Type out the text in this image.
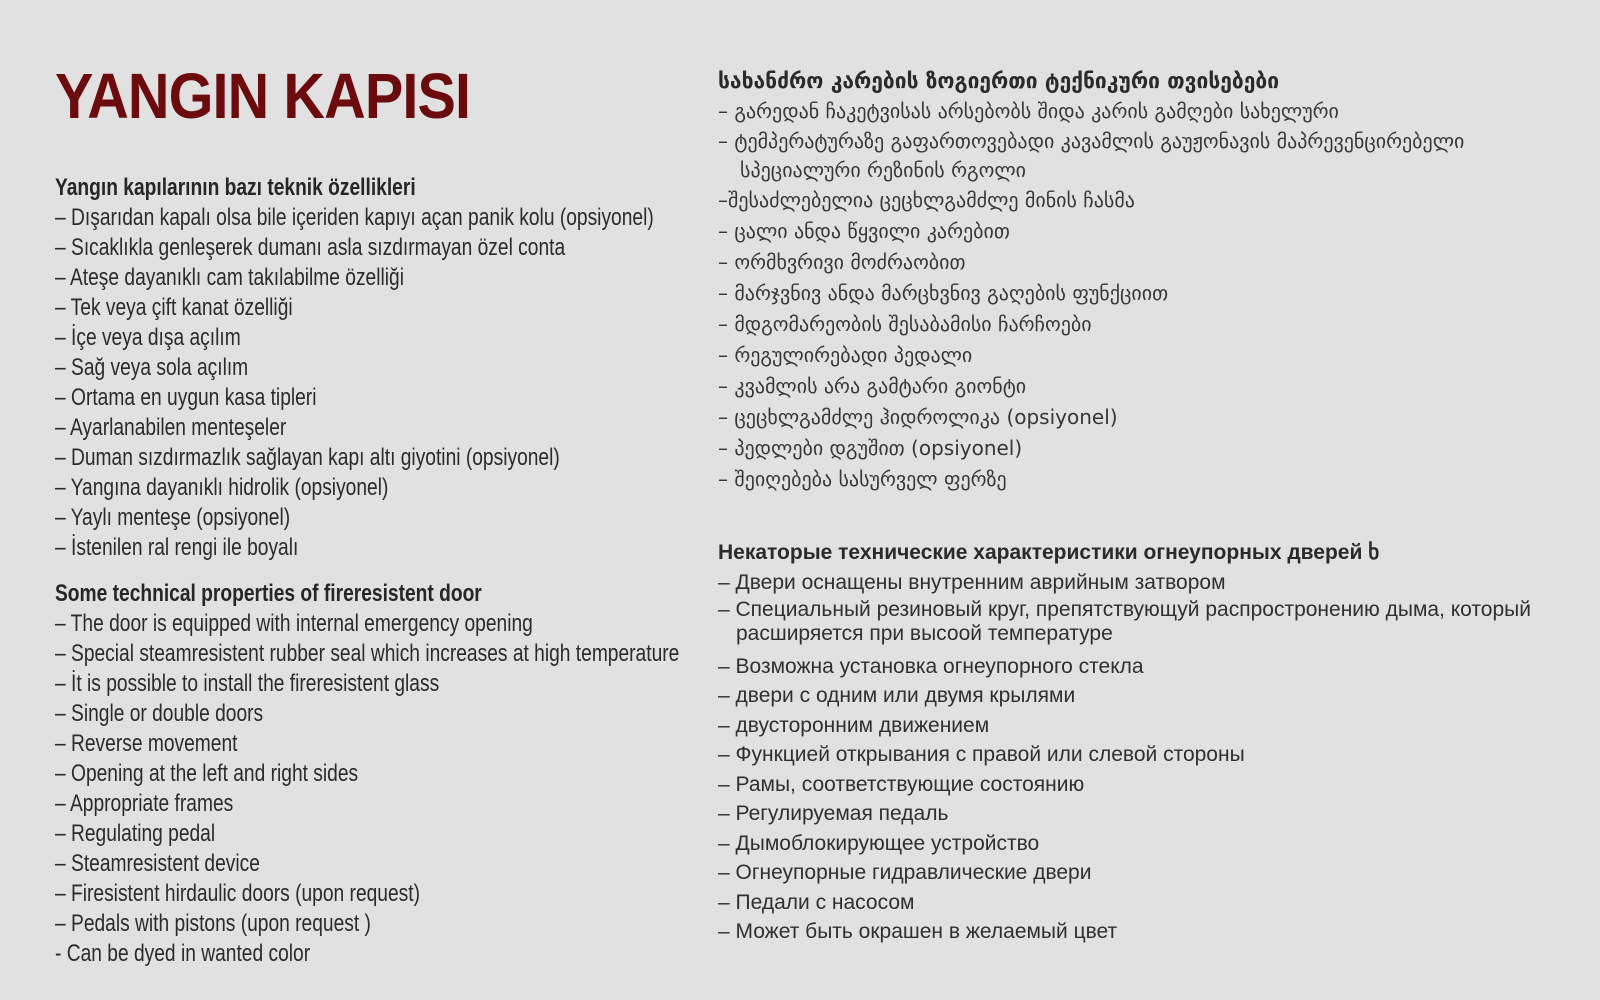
YANGIN KAPISI
Yangın kapılarının bazı teknik özellikleri
– Dışarıdan kapalı olsa bile içeriden kapıyı açan panik kolu (opsiyonel)
– Sıcaklıkla genleşerek dumanı asla sızdırmayan özel conta
– Ateşe dayanıklı cam takılabilme özelliği
– Tek veya çift kanat özelliği
– İçe veya dışa açılım
– Sağ veya sola açılım
– Ortama en uygun kasa tipleri
– Ayarlanabilen menteşeler
– Duman sızdırmazlık sağlayan kapı altı giyotini (opsiyonel)
– Yangına dayanıklı hidrolik (opsiyonel)
– Yaylı menteşe (opsiyonel)
– İstenilen ral rengi ile boyalı
Some technical properties of fireresistent door
– The door is equipped with internal emergency opening
– Special steamresistent rubber seal which increases at high temperature
– İt is possible to install the fireresistent glass
– Single or double doors
– Reverse movement
– Opening at the left and right sides
– Appropriate frames
– Regulating pedal
– Steamresistent device
– Firesistent hirdaulic doors (upon request)
– Pedals with pistons (upon request )
- Can be dyed in wanted color
სახანძრო კარების ზოგიერთი ტექნიკური თვისებები
– გარედან ჩაკეტვისას არსებობს შიდა კარის გამღები სახელური
– ტემპერატურაზე გაფართოვებადი კავამლის გაუჟონავის მაპრევენცირებელი სპეციალური რეზინის რგოლი
–შესაძლებელია ცეცხლგამძლე მინის ჩასმა
– ცალი ანდა წყვილი კარებით
– ორმხვრივი მოძრაობით
– მარჯვნივ ანდა მარცხვნივ გაღების ფუნქციით
– მდგომარეობის შესაბამისი ჩარჩოები
– რეგულირებადი პედალი
– კვამლის არა გამტარი გიონტი
– ცეცხლგამძლე ჰიდროლიკა (opsiyonel)
– პედლები დგუშით (opsiyonel)
– შეიღებება სასურველ ფერზე
Некаторые технические характеристики огнеупорных дверей ხ
– Двери оснащены внутренним аврийным затвором
– Специальный резиновый круг, препятствующуй распростронению дыма, который расширяется при высоой температуре
– Возможна установка огнеупорного стекла
– двери с одним или двумя крылями
– двусторонним движением
– Функцией открывания с правой или слевой стороны
– Рамы, соответствующие состоянию
– Регулируемая педаль
– Дымоблокирующее устройство
– Огнеупорные гидравлические двери
– Педали с насосом
– Может быть окрашен в желаемый цвет
